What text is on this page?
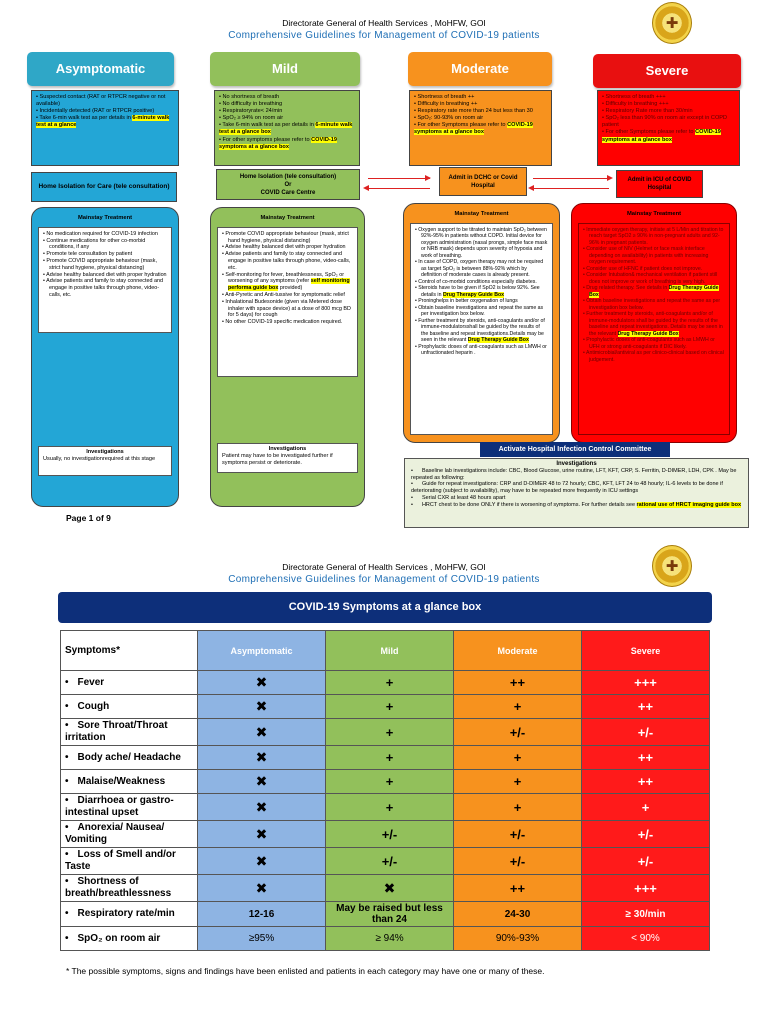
Directorate General of Health Services , MoHFW, GOI
Comprehensive Guidelines for Management of COVID-19 patients
✚
Asymptomatic	Mild	Moderate	Severe
• Suspected contact (RAT or RTPCR negative or not available)
• Incidentally detected (RAT or RTPCR positive)
• Take 6-min walk test as per details in 6-minute walk test at a glance
• No shortness of breath
• No difficulty in breathing
• Respiratoryrate< 24/min
• SpO₂ ≥ 94% on room air
• Take 6-min walk test as per details in 6-minute walk test at a glance box
• For other symptoms please refer to COVID-19 symptoms at a glance box
• Shortness of breath ++
• Difficulty in breathing ++
• Respiratory rate more than 24 but less than 30
• SpO₂: 90-93% on room air
• For other Symptoms please refer to COVID-19 symptoms at a glance box
• Shortness of breath +++
• Difficulty in breathing +++
• Respiratory Rate more than 30/min
• SpO₂ less than 90% on room air except in COPD patient
• For other Symptoms please refer to COVID-19 symptoms at a glance box
Home Isolation for Care (tele consultation)
Home Isolation (tele consultation)
Or
COVID Care Centre
Admit in DCHC or Covid Hospital
Admit in ICU of COVID Hospital
Mainstay Treatment
• No medication required for COVID-19 infection
• Continue medications for other co-morbid conditions, if any
• Promote tele consultation by patient
• Promote COVID appropriate behaviour (mask, strict hand hygiene, physical distancing)
• Advise healthy balanced diet with proper hydration
• Advise patients and family to stay connected and engage in positive talks through phone, video-calls, etc.
Investigations
Usually, no investigationrequired at this stage
Mainstay Treatment
• Promote COVID appropriate behaviour (mask, strict hand hygiene, physical distancing)
• Advise healthy balanced diet with proper hydration
• Advise patients and family to stay connected and engage in positive talks through phone, video-calls, etc.
• Self-monitoring for fever, breathlessness, SpO₂ or worsening of any symptoms (refer self monitoring performa guide box provided)
• Anti-Pyretic and Anti-tussive for symptomatic relief
• Inhalational Budesonide (given via Metered dose inhaler with space device) at a dose of 800 mcg BD for 5 days) for cough
• No other COVID-19 specific medication required.
Investigations
Patient may have to be investigated further if symptoms persist or deteriorate.
Mainstay Treatment
• Oxygen support to be titrated to maintain SpO₂ between 92%-95% in patients without COPD. Initial device for oxygen administration (nasal prongs, simple face mask or NRB mask) depends upon severity of hypoxia and work of breathing.
• In case of COPD, oxygen therapy may not be required as target SpO₂ is between 88%-92% which by definition of moderate cases is already present.
• Control of co-morbid conditions especially diabetes.
• Steroids have to be given if SpO2 is below 92%. See details in Drug Therapy Guide Box
• Proninghelps in better oxygenation of lungs
• Obtain baseline investigations and repeat the same as per investigation box below.
• Further treatment by steroids, anti-coagulants and/or of immune-modulatorsshall be guided by the results of the baseline and repeat investigations.Details may be seen in the relevant Drug Therapy Guide Box
• Prophylactic doses of anti-coagulants such as LMWH or unfractionated heparin .
Mainstay Treatment
• Immediate oxygen therapy, initiate at 5 L/Min and titration to reach target SpO2 ≥ 90% in non-pregnant adults and 92-96% in pregnant patients.
• Consider use of NIV (Helmet or face mask interface depending on availability) in patients with increasing oxygen requirement.
• Consider use of HFNC if patient does not improve.
• Consider Intubation& mechanical ventilation if patient still does not improve or work of breathing is very high.
• Drug related therapy. See details in Drug Therapy Guide Box
• Obtain baseline investigations and repeat the same as per investigation box below.
• Further treatment by steroids, anti-coagulants and/or of immune-modulators shall be guided by the results of the baseline and repeat investigations. Details may be seen in the relevant Drug Therapy Guide Box
• Prophylactic doses of anti-coagulants such as LMWH or UFH or strong anti-coagulants if DIC likely.
• Antimicrobial/antiviral as per clinico-clinical based on clinical judgement.
Activate Hospital Infection Control Committee
Investigations
• Baseline lab investigations include: CBC, Blood Glucose, urine routine, LFT, KFT, CRP, S. Ferritin, D-DIMER, LDH, CPK . May be repeated as following:
• Guide for repeat investigations: CRP and D-DIMER 48 to 72 hourly; CBC, KFT, LFT 24 to 48 hourly; IL-6 levels to be done if deteriorating (subject to availability), may have to be repeated more frequently in ICU settings
• Serial CXR at least 48 hours apart
• HRCT chest to be done ONLY if there is worsening of symptoms. For further details see rational use of HRCT imaging guide box
Page 1 of 9
Directorate General of Health Services , MoHFW, GOI
Comprehensive Guidelines for Management of COVID-19 patients
✚
COVID-19 Symptoms at a glance box
Symptoms*	Asymptomatic	Mild	Moderate	Severe
• Fever	✖	+	++	+++
• Cough	✖	+	+	++
• Sore Throat/Throat irritation	✖	+	+/-	+/-
• Body ache/ Headache	✖	+	+	++
• Malaise/Weakness	✖	+	+	++
• Diarrhoea or gastro-intestinal upset	✖	+	+	+
• Anorexia/ Nausea/ Vomiting	✖	+/-	+/-	+/-
• Loss of Smell and/or Taste	✖	+/-	+/-	+/-
• Shortness of breath/breathlessness	✖	✖	++	+++
• Respiratory rate/min	12-16	May be raised but less than 24	24-30	≥ 30/min
• SpO₂ on room air	≥95%	≥ 94%	90%-93%	< 90%
* The possible symptoms, signs and findings have been enlisted and patients in each category may have one or many of these.
